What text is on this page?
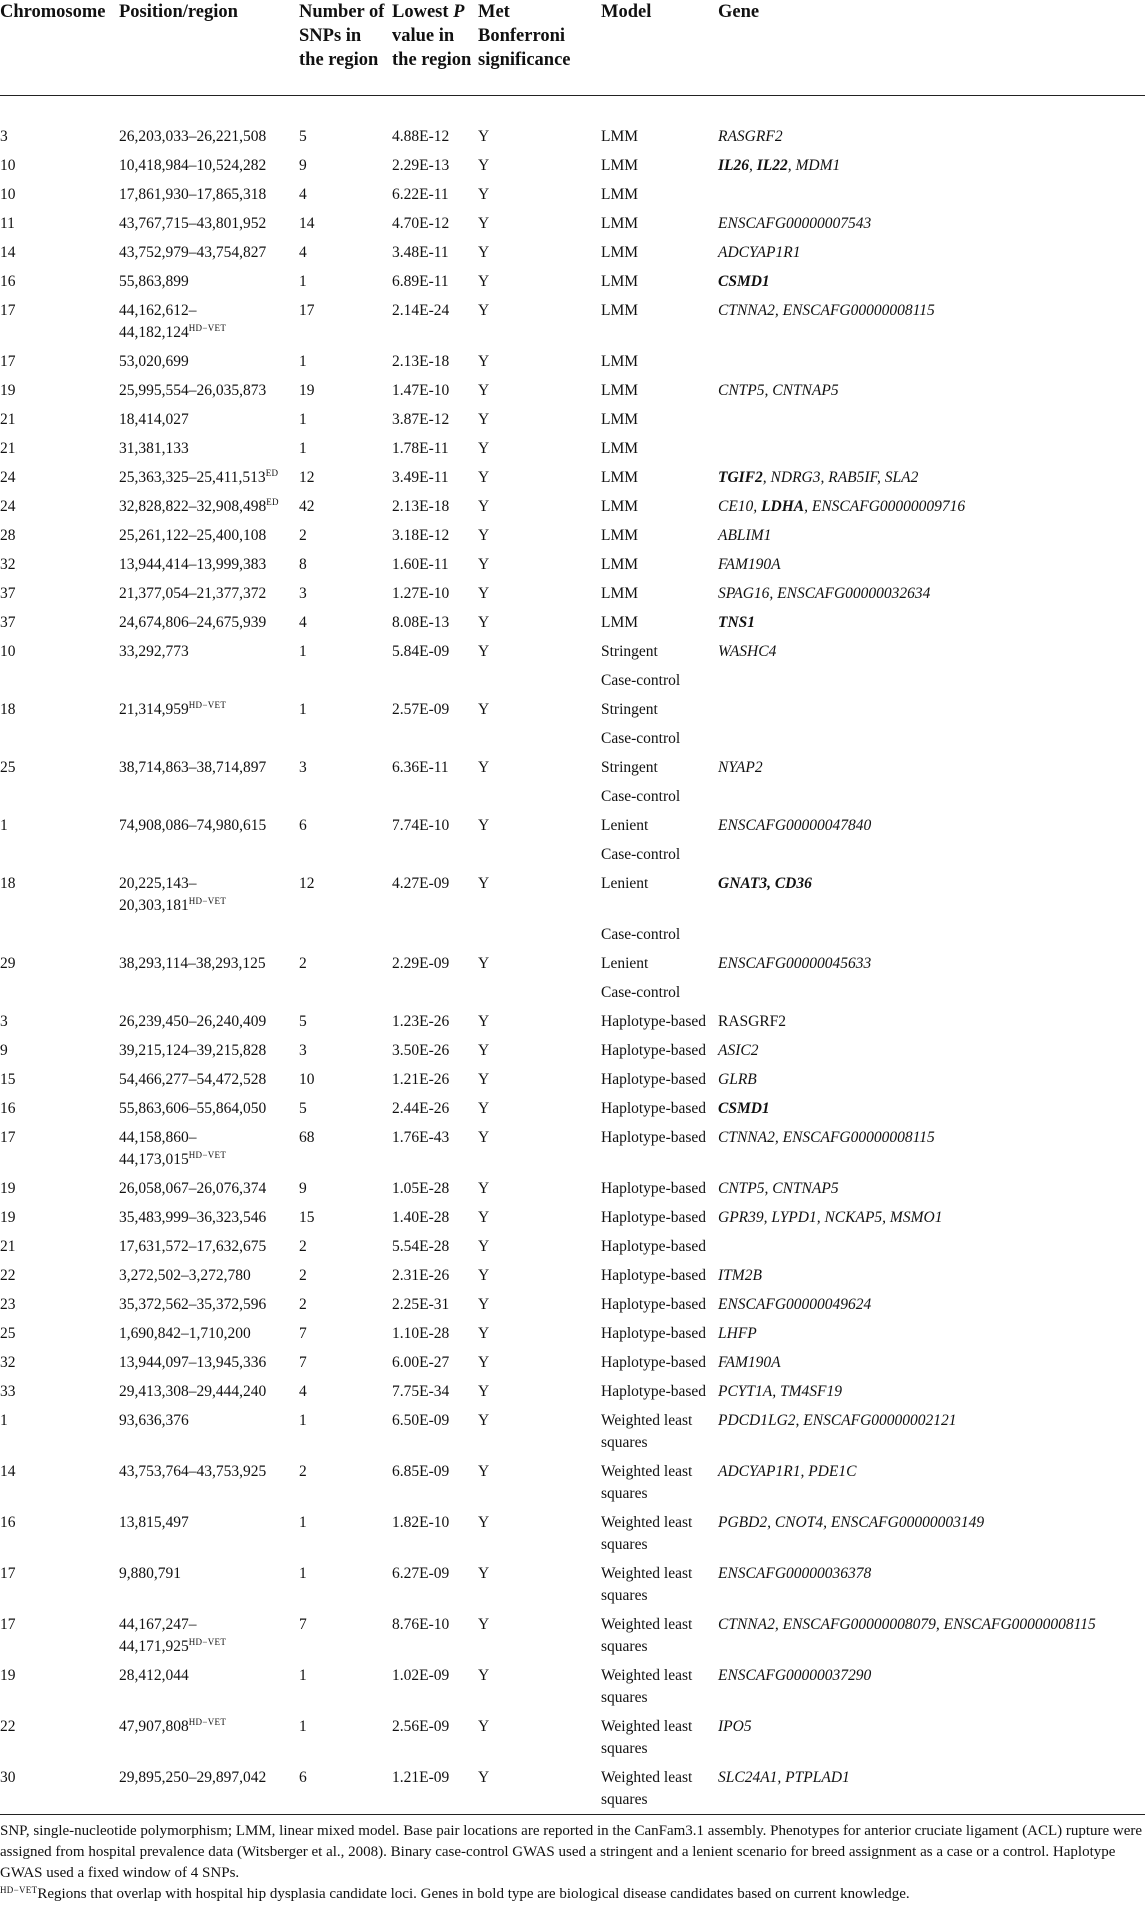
Chromosome	Position/region	Number of SNPs in the region	Lowest P value in the region	Met Bonferroni significance	Model	Gene
3	26,203,033–26,221,508	5	4.88E-12	Y	LMM	RASGRF2
10	10,418,984–10,524,282	9	2.29E-13	Y	LMM	IL26, IL22, MDM1
10	17,861,930–17,865,318	4	6.22E-11	Y	LMM	
11	43,767,715–43,801,952	14	4.70E-12	Y	LMM	ENSCAFG00000007543
14	43,752,979–43,754,827	4	3.48E-11	Y	LMM	ADCYAP1R1
16	55,863,899	1	6.89E-11	Y	LMM	CSMD1
17	$44,162,612-44,182,124^{HD-VET}$	17	2.14E-24	Y	LMM	CTNNA2, ENSCAFG00000008115
17	53,020,699	1	2.13E-18	Y	LMM	
19	25,995,554–26,035,873	19	1.47E-10	Y	LMM	CNTP5, CNTNAP5
21	18,414,027	1	3.87E-12	Y	LMM	
21	31,381,133	1	1.78E-11	Y	LMM	
24	$25,363,325-25,411,513^{ED}$	12	3.49E-11	Y	LMM	TGIF2, NDRG3, RAB5IF, SLA2
24	$32,828,822-32,908,498^{ED}$	42	2.13E-18	Y	LMM	CE10, LDHA, ENSCAFG00000009716
28	25,261,122–25,400,108	2	3.18E-12	Y	LMM	ABLIM1
32	13,944,414–13,999,383	8	1.60E-11	Y	LMM	FAM190A
37	21,377,054–21,377,372	3	1.27E-10	Y	LMM	SPAG16, ENSCAFG00000032634
37	24,674,806–24,675,939	4	8.08E-13	Y	LMM	TNS1
10	33,292,773	1	5.84E-09	Y	Stringent	WASHC4
					Case-control	
18	$21,314,959^{HD-VET}$	1	2.57E-09	Y	Stringent	
					Case-control	
25	38,714,863–38,714,897	3	6.36E-11	Y	Stringent	NYAP2
					Case-control	
1	74,908,086–74,980,615	6	7.74E-10	Y	Lenient	ENSCAFG00000047840
					Case-control	
18	$20,225,143-20,303,181^{HD-VET}$	12	4.27E-09	Y	Lenient	GNAT3, CD36
					Case-control	
29	38,293,114–38,293,125	2	2.29E-09	Y	Lenient	ENSCAFG00000045633
					Case-control	
3	26,239,450–26,240,409	5	1.23E-26	Y	Haplotype-based	RASGRF2
9	39,215,124–39,215,828	3	3.50E-26	Y	Haplotype-based	ASIC2
15	54,466,277–54,472,528	10	1.21E-26	Y	Haplotype-based	GLRB
16	55,863,606–55,864,050	5	2.44E-26	Y	Haplotype-based	CSMD1
17	$44,158,860-44,173,015^{HD-VET}$	68	1.76E-43	Y	Haplotype-based	CTNNA2, ENSCAFG00000008115
19	26,058,067–26,076,374	9	1.05E-28	Y	Haplotype-based	CNTP5, CNTNAP5
19	35,483,999–36,323,546	15	1.40E-28	Y	Haplotype-based	GPR39, LYPD1, NCKAP5, MSMO1
21	17,631,572–17,632,675	2	5.54E-28	Y	Haplotype-based	
22	3,272,502–3,272,780	2	2.31E-26	Y	Haplotype-based	ITM2B
23	35,372,562–35,372,596	2	2.25E-31	Y	Haplotype-based	ENSCAFG00000049624
25	1,690,842–1,710,200	7	1.10E-28	Y	Haplotype-based	LHFP
32	13,944,097–13,945,336	7	6.00E-27	Y	Haplotype-based	FAM190A
33	29,413,308–29,444,240	4	7.75E-34	Y	Haplotype-based	PCYT1A, TM4SF19
1	93,636,376	1	6.50E-09	Y	Weighted least squares	PDCD1LG2, ENSCAFG00000002121
14	43,753,764–43,753,925	2	6.85E-09	Y	Weighted least squares	ADCYAP1R1, PDE1C
16	13,815,497	1	1.82E-10	Y	Weighted least squares	PGBD2, CNOT4, ENSCAFG00000003149
17	9,880,791	1	6.27E-09	Y	Weighted least squares	ENSCAFG00000036378
17	$44,167,247-44,171,925^{HD-VET}$	7	8.76E-10	Y	Weighted least squares	CTNNA2, ENSCAFG00000008079, ENSCAFG00000008115
19	28,412,044	1	1.02E-09	Y	Weighted least squares	ENSCAFG00000037290
22	$47,907,808^{HD-VET}$	1	2.56E-09	Y	Weighted least squares	IPO5
30	29,895,250–29,897,042	6	1.21E-09	Y	Weighted least squares	SLC24A1, PTPLAD1

SNP, single-nucleotide polymorphism; LMM, linear mixed model. Base pair locations are reported in the CanFam3.1 assembly. Phenotypes for anterior cruciate ligament (ACL) rupture were assigned from hospital prevalence data (Witsberger et al., 2008). Binary case-control GWAS used a stringent and a lenient scenario for breed assignment as a case or a control. Haplotype GWAS used a fixed window of 4 SNPs.
$^{HD-VET}$Regions that overlap with hospital hip dysplasia candidate loci. Genes in bold type are biological disease candidates based on current knowledge.						
